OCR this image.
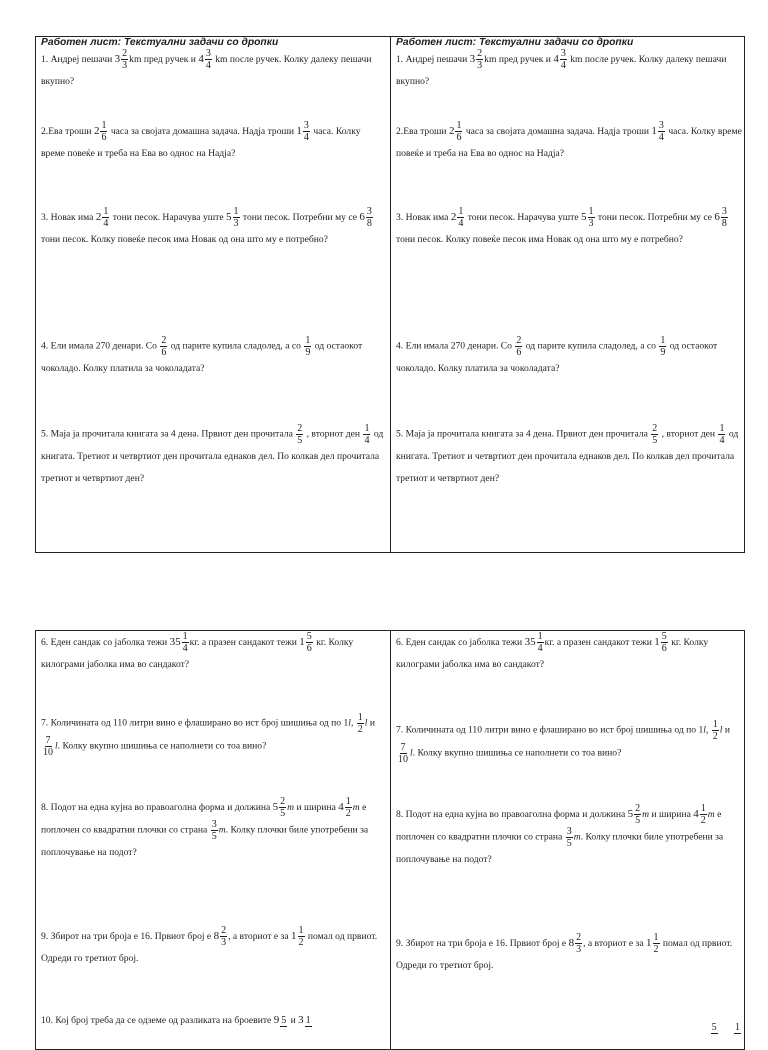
Работен лист: Текстуални задачи со дропки
1. Андреј пешачи $3 \frac{2}{3}$ km пред ручек и $4 \frac{3}{4}$ km после ручек. Колку далеку пешачи вкупно?
2.Ева троши $2 \frac{1}{6}$ часа за својата домашна задача. Надја троши $1 \frac{3}{4}$ часа. Колку време повеќе и треба на Ева во однос на Надја?
3. Новак има $2 \frac{1}{4}$ тони песок. Нарачува уште $5 \frac{1}{3}$ тони песок. Потребни му се $6 \frac{3}{8}$
тони песок. Колку повеќе песок има Новак од она што му е потребно?
4. Ели имала 270 денари. Со $\frac{2}{6}$ од парите купила сладолед, а со $\frac{1}{9}$ од остаокот чоколадо. Колку платила за чоколадата?
5. Маја ја прочитала книгата за 4 дена. Првиот ден прочитала $\frac{2}{5}$ , вториот ден $\frac{1}{4}$ од книгата. Третиот и четвртиот ден прочитала еднаков дел. По колкав дел прочитала третиот и четвртиот ден?
Работен лист: Текстуални задачи со дропки
1. Андреј пешачи $3 \frac{2}{3}$ km пред ручек и $4 \frac{3}{4}$ km после ручек. Колку далеку пешачи вкупно?
2.Ева троши $2 \frac{1}{6}$ часа за својата домашна задача. Надја троши $1 \frac{3}{4}$ часа. Колку време повеќе и треба на Ева во однос на Надја?
3. Новак има $2 \frac{1}{4}$ тони песок. Нарачува уште $5 \frac{1}{3}$ тони песок. Потребни му се $6 \frac{3}{8}$
тони песок. Колку повеќе песок има Новак од она што му е потребно?
4. Ели имала 270 денари. Со $\frac{2}{6}$ од парите купила сладолед, а со $\frac{1}{9}$ од остаокот чоколадо. Колку платила за чоколадата?
5. Маја ја прочитала книгата за 4 дена. Првиот ден прочитала $\frac{2}{5}$ , вториот ден $\frac{1}{4}$ од книгата. Третиот и четвртиот ден прочитала еднаков дел. По колкав дел прочитала третиот и четвртиот ден?
6. Еден сандак со јаболка тежи $35 \frac{1}{4}$ кг. а празен сандакот тежи $1 \frac{5}{6}$ кг. Колку килограми јаболка има во сандакот?
7. Количината од 110 литри вино е флаширано во ист број шишиња од по 1l, $\frac{1}{2}$ l и
$\frac{7}{10} l$. Колку вкупно шишиња се наполнети со тоа вино?
8. Подот на една кујна во правоаголна форма и должина $5 \frac{2}{5}$ m и ширина $4 \frac{1}{2}$ m е поплочен со квадратни плочки со страна $\frac{3}{5} m$. Колку плочки биле употребени за поплочување на подот?
9. Збирот на три броја е 16. Првиот број е $8 \frac{2}{3}$ , а вториот е за $1 \frac{1}{2}$ помал од првиот. Одреди го третиот број.
10. Кој број треба да се одземе од разликата на броевите 9 5 и 3 1
6. Еден сандак со јаболка тежи $35 \frac{1}{4}$ кг. а празен сандакот тежи $1 \frac{5}{6}$ кг. Колку килограми јаболка има во сандакот?
7. Количината од 110 литри вино е флаширано во ист број шишиња од по 1l, $\frac{1}{2}$ l и
$\frac{7}{10} l$. Колку вкупно шишиња се наполнети со тоа вино?
8. Подот на една кујна во правоаголна форма и должина $5 \frac{2}{5}$ m и ширина $4 \frac{1}{2}$ m е поплочен со квадратни плочки со страна $\frac{3}{5} m$. Колку плочки биле употребени за поплочување на подот?
9. Збирот на три броја е 16. Првиот број е $8 \frac{2}{3}$ , а вториот е за $1 \frac{1}{2}$ помал од првиот. Одреди го третиот број.
5
1
